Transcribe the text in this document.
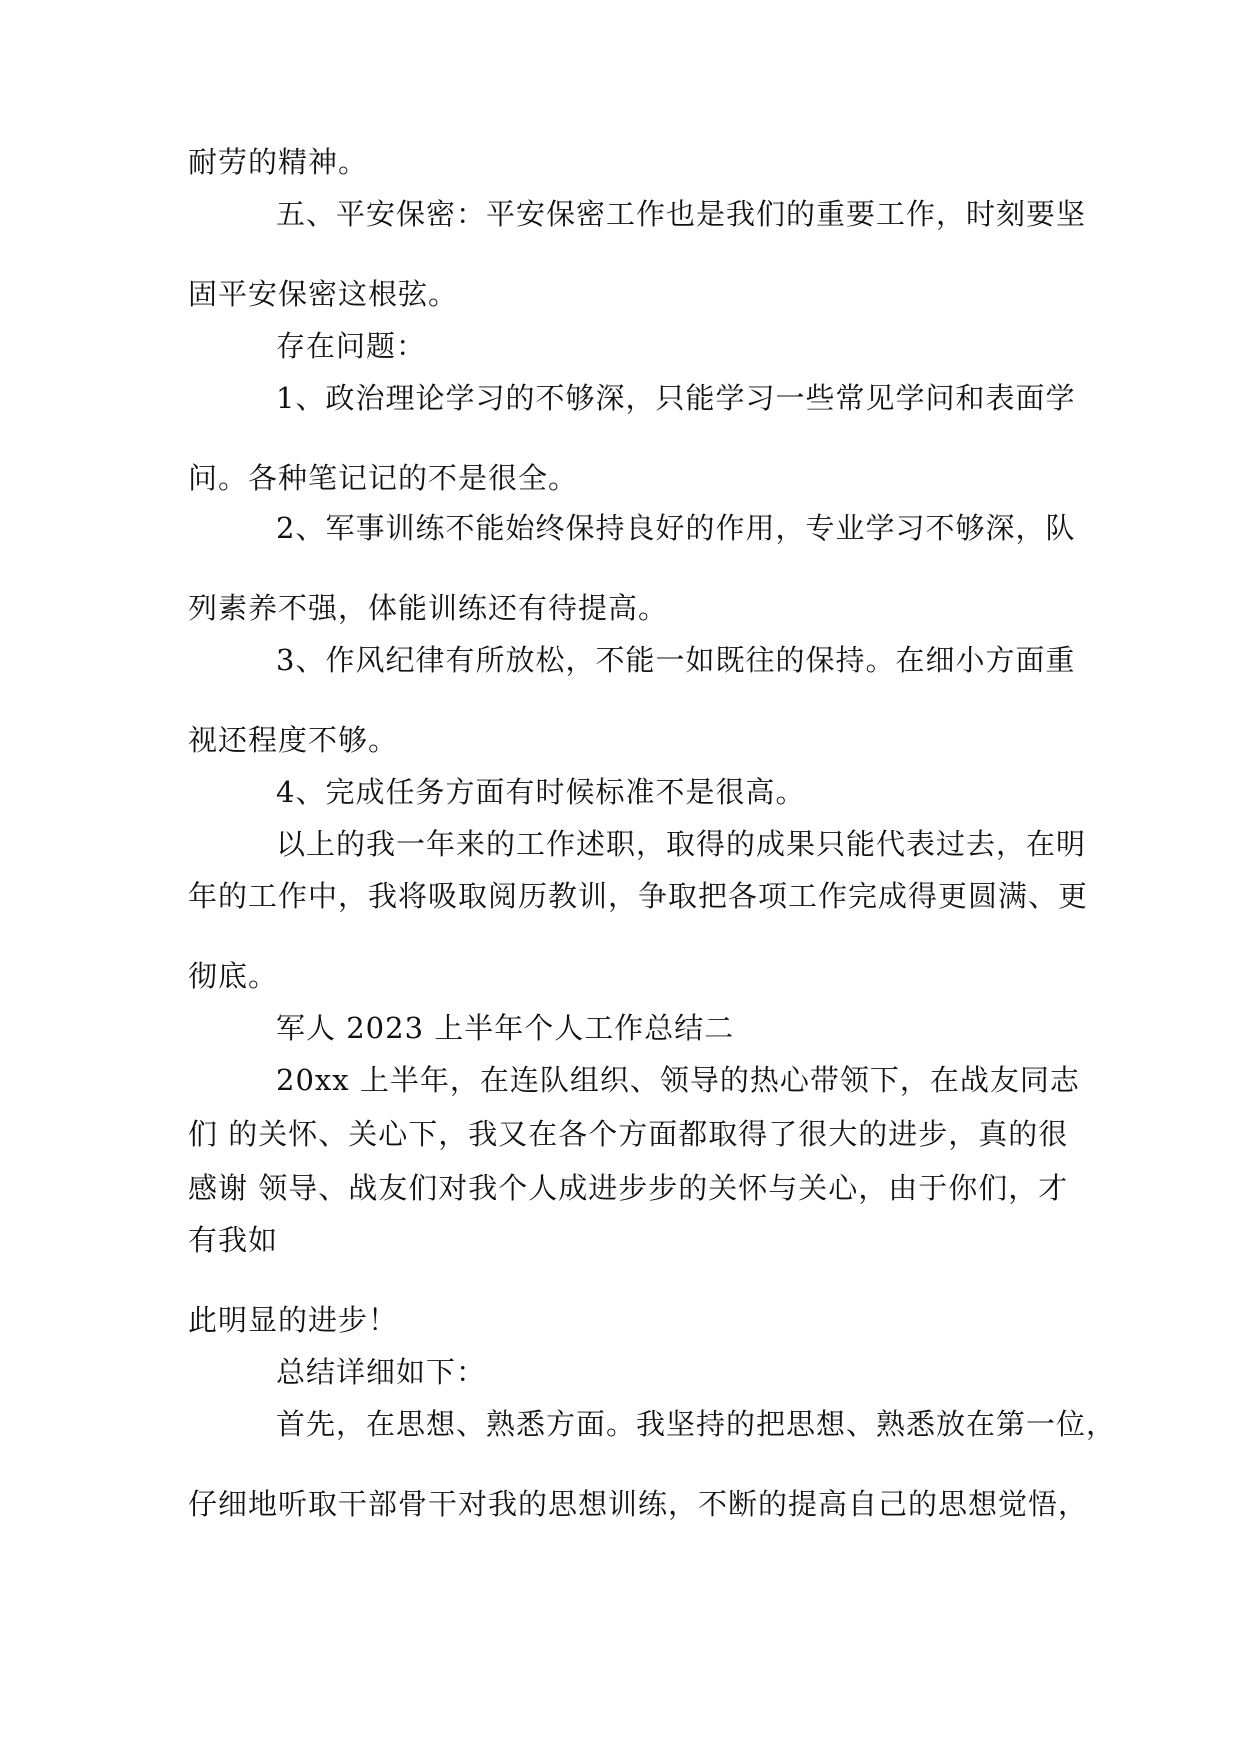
耐劳的精神。
五、平安保密：平安保密工作也是我们的重要工作，时刻要坚
固平安保密这根弦。
存在问题：
1、政治理论学习的不够深，只能学习一些常见学问和表面学
问。各种笔记记的不是很全。
2、军事训练不能始终保持良好的作用，专业学习不够深，队
列素养不强，体能训练还有待提高。
3、作风纪律有所放松，不能一如既往的保持。在细小方面重
视还程度不够。
4、完成任务方面有时候标准不是很高。
以上的我一年来的工作述职，取得的成果只能代表过去，在明
年的工作中，我将吸取阅历教训，争取把各项工作完成得更圆满、更
彻底。
军人 2023 上半年个人工作总结二
20xx 上半年，在连队组织、领导的热心带领下，在战友同志
们 的关怀、关心下，我又在各个方面都取得了很大的进步，真的很
感谢 领导、战友们对我个人成进步步的关怀与关心，由于你们，才
有我如
此明显的进步！
总结详细如下：
首先，在思想、熟悉方面。我坚持的把思想、熟悉放在第一位，
仔细地听取干部骨干对我的思想训练，不断的提高自己的思想觉悟，
